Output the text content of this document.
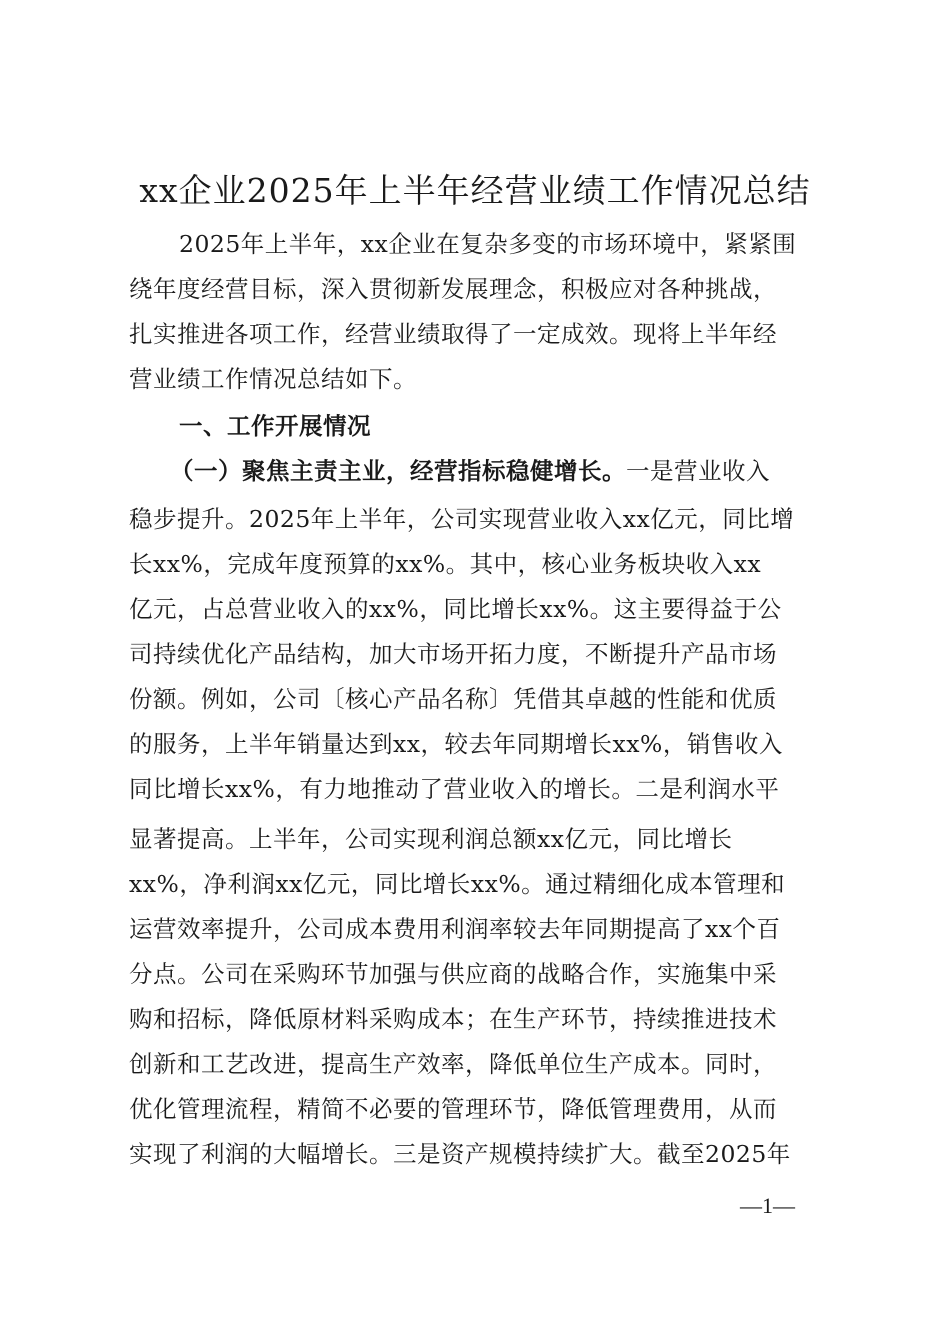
xx企业2025年上半年经营业绩工作情况总结
2025年上半年，xx企业在复杂多变的市场环境中，紧紧围
绕年度经营目标，深入贯彻新发展理念，积极应对各种挑战，
扎实推进各项工作，经营业绩取得了一定成效。现将上半年经
营业绩工作情况总结如下。
一、工作开展情况
（一）聚焦主责主业，经营指标稳健增长。一是营业收入
稳步提升。2025年上半年，公司实现营业收入xx亿元，同比增
长xx%，完成年度预算的xx%。其中，核心业务板块收入xx
亿元，占总营业收入的xx%，同比增长xx%。这主要得益于公
司持续优化产品结构，加大市场开拓力度，不断提升产品市场
份额。例如，公司〔核心产品名称〕凭借其卓越的性能和优质
的服务，上半年销量达到xx，较去年同期增长xx%，销售收入
同比增长xx%，有力地推动了营业收入的增长。二是利润水平
显著提高。上半年，公司实现利润总额xx亿元，同比增长
xx%，净利润xx亿元，同比增长xx%。通过精细化成本管理和
运营效率提升，公司成本费用利润率较去年同期提高了xx个百
分点。公司在采购环节加强与供应商的战略合作，实施集中采
购和招标，降低原材料采购成本；在生产环节，持续推进技术
创新和工艺改进，提高生产效率，降低单位生产成本。同时，
优化管理流程，精简不必要的管理环节，降低管理费用，从而
实现了利润的大幅增长。三是资产规模持续扩大。截至2025年
—1—
